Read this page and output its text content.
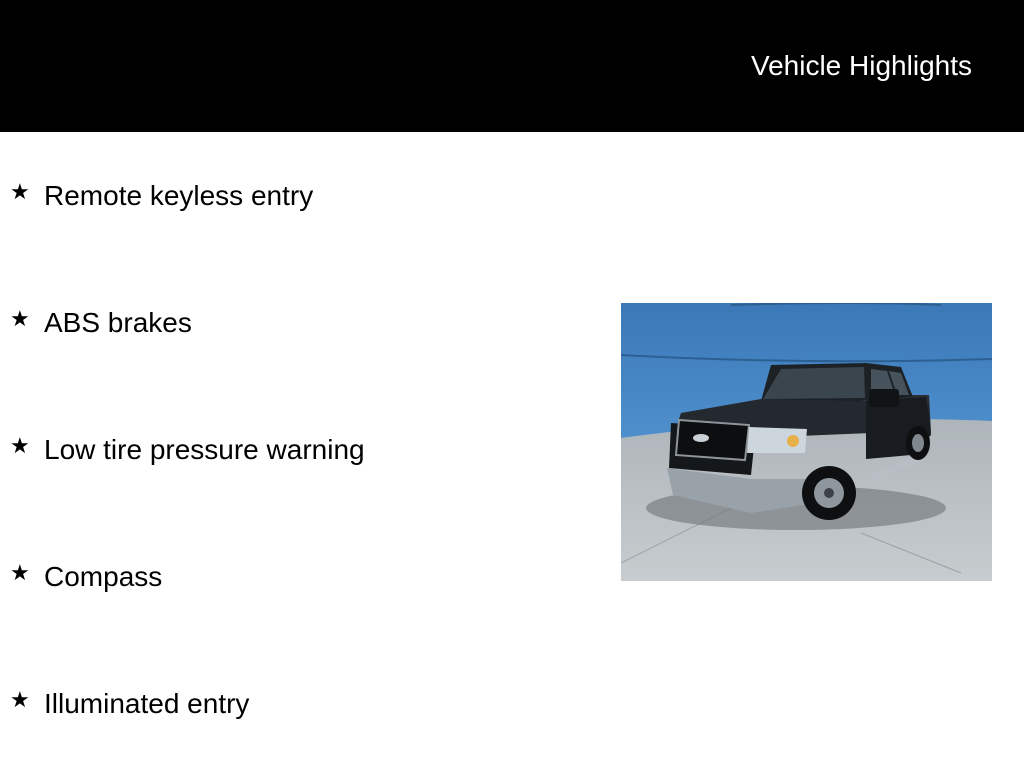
Vehicle Highlights
★ Remote keyless entry
★ ABS brakes
★ Low tire pressure warning
★ Compass
★ Illuminated entry
